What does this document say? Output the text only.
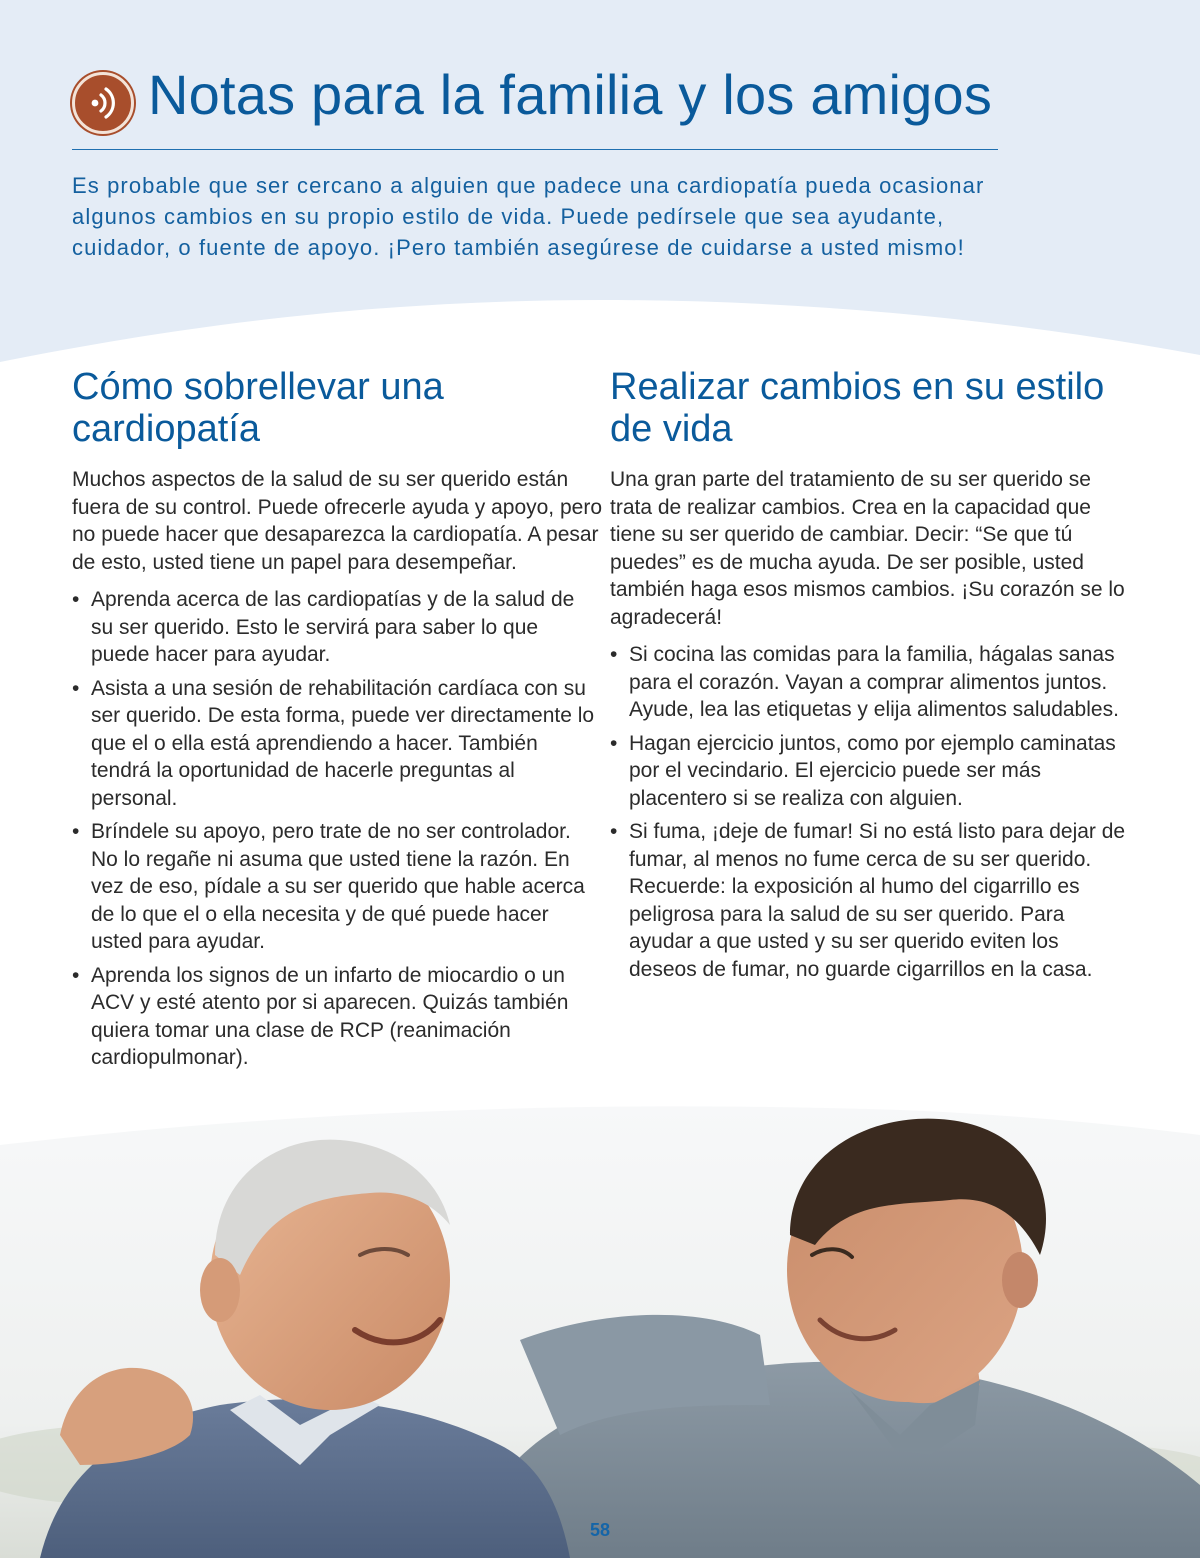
Notas para la familia y los amigos

Es probable que ser cercano a alguien que padece una cardiopatía pueda ocasionar algunos cambios en su propio estilo de vida. Puede pedírsele que sea ayudante, cuidador, o fuente de apoyo. ¡Pero también asegúrese de cuidarse a usted mismo!

Cómo sobrellevar una cardiopatía

Muchos aspectos de la salud de su ser querido están fuera de su control. Puede ofrecerle ayuda y apoyo, pero no puede hacer que desaparezca la cardiopatía. A pesar de esto, usted tiene un papel para desempeñar.

• Aprenda acerca de las cardiopatías y de la salud de su ser querido. Esto le servirá para saber lo que puede hacer para ayudar.
• Asista a una sesión de rehabilitación cardíaca con su ser querido. De esta forma, puede ver directamente lo que el o ella está aprendiendo a hacer. También tendrá la oportunidad de hacerle preguntas al personal.
• Bríndele su apoyo, pero trate de no ser controlador. No lo regañe ni asuma que usted tiene la razón. En vez de eso, pídale a su ser querido que hable acerca de lo que el o ella necesita y de qué puede hacer usted para ayudar.
• Aprenda los signos de un infarto de miocardio o un ACV y esté atento por si aparecen. Quizás también quiera tomar una clase de RCP (reanimación cardiopulmonar).
Realizar cambios en su estilo de vida

Una gran parte del tratamiento de su ser querido se trata de realizar cambios. Crea en la capacidad que tiene su ser querido de cambiar. Decir: “Se que tú puedes” es de mucha ayuda. De ser posible, usted también haga esos mismos cambios. ¡Su corazón se lo agradecerá!

• Si cocina las comidas para la familia, hágalas sanas para el corazón. Vayan a comprar alimentos juntos. Ayude, lea las etiquetas y elija alimentos saludables.
• Hagan ejercicio juntos, como por ejemplo caminatas por el vecindario. El ejercicio puede ser más placentero si se realiza con alguien.
• Si fuma, ¡deje de fumar! Si no está listo para dejar de fumar, al menos no fume cerca de su ser querido. Recuerde: la exposición al humo del cigarrillo es peligrosa para la salud de su ser querido. Para ayudar a que usted y su ser querido eviten los deseos de fumar, no guarde cigarrillos en la casa.
58
